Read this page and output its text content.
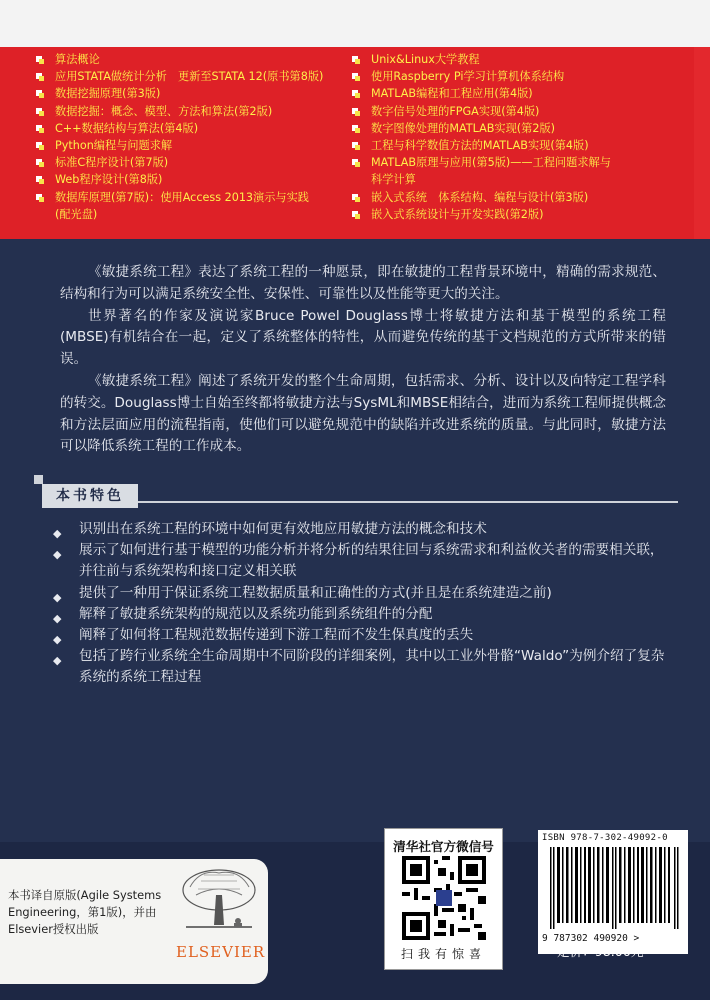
算法概论
应用STATA做统计分析　更新至STATA 12(原书第8版)
数据挖掘原理(第3版)
数据挖掘：概念、模型、方法和算法(第2版)
C++数据结构与算法(第4版)
Python编程与问题求解
标准C程序设计(第7版)
Web程序设计(第8版)
数据库原理(第7版)：使用Access 2013演示与实践
(配光盘)
Unix&Linux大学教程
使用Raspberry Pi学习计算机体系结构
MATLAB编程和工程应用(第4版)
数字信号处理的FPGA实现(第4版)
数字图像处理的MATLAB实现(第2版)
工程与科学数值方法的MATLAB实现(第4版)
MATLAB原理与应用(第5版)——工程问题求解与
科学计算
嵌入式系统　体系结构、编程与设计(第3版)
嵌入式系统设计与开发实践(第2版)

《敏捷系统工程》表达了系统工程的一种愿景，即在敏捷的工程背景环境中，精确的需求规范、结构和行为可以满足系统安全性、安保性、可靠性以及性能等更大的关注。

世界著名的作家及演说家Bruce Powel Douglass博士将敏捷方法和基于模型的系统工程(MBSE)有机结合在一起，定义了系统整体的特性，从而避免传统的基于文档规范的方式所带来的错误。

《敏捷系统工程》阐述了系统开发的整个生命周期，包括需求、分析、设计以及向特定工程学科的转交。Douglass博士自始至终都将敏捷方法与SysML和MBSE相结合，进而为系统工程师提供概念和方法层面应用的流程指南，使他们可以避免规范中的缺陷并改进系统的质量。与此同时，敏捷方法可以降低系统工程的工作成本。

本书特色
◆ 识别出在系统工程的环境中如何更有效地应用敏捷方法的概念和技术
◆ 展示了如何进行基于模型的功能分析并将分析的结果往回与系统需求和利益攸关者的需要相关联，并往前与系统架构和接口定义相关联
◆ 提供了一种用于保证系统工程数据质量和正确性的方式(并且是在系统建造之前)
◆ 解释了敏捷系统架构的规范以及系统功能到系统组件的分配
◆ 阐释了如何将工程规范数据传递到下游工程而不发生保真度的丢失
◆ 包括了跨行业系统全生命周期中不同阶段的详细案例，其中以工业外骨骼“Waldo”为例介绍了复杂系统的系统工程过程
本书译自原版(Agile Systems
Engineering，第1版)，并由
Elsevier授权出版
ELSEVIER
清华社官方微信号
扫我有惊喜
ISBN 978-7-302-49092-0
9 787302 490920 >
定价：98.00元
